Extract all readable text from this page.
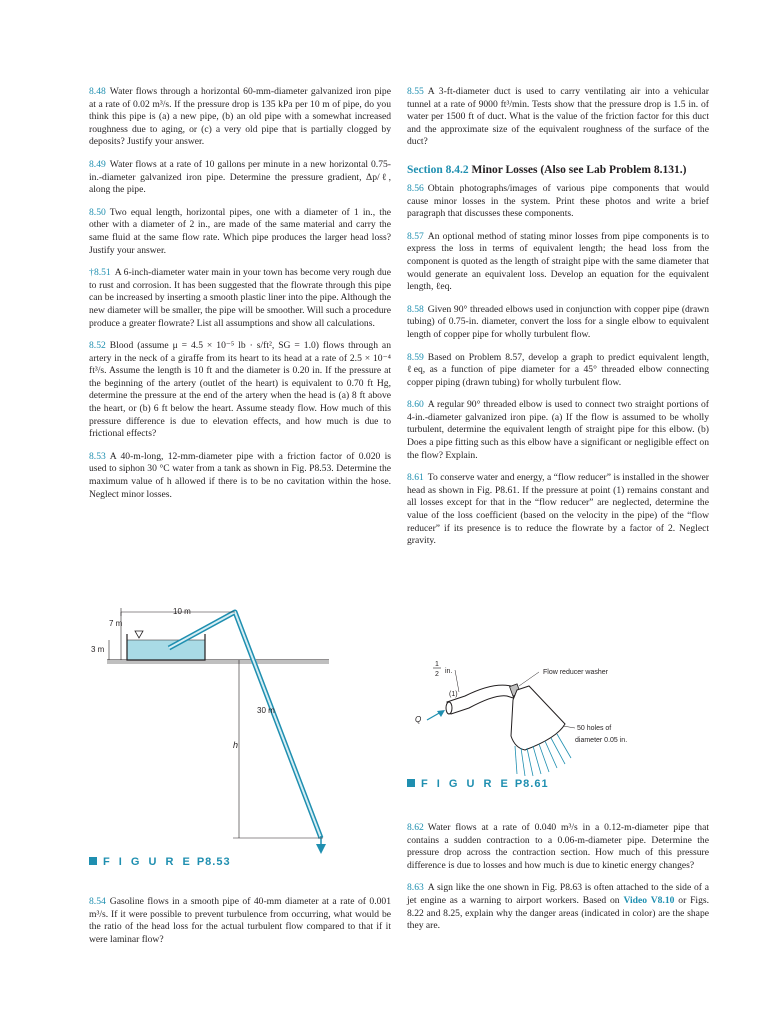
8.48 Water flows through a horizontal 60-mm-diameter galvanized iron pipe at a rate of 0.02 m³/s. If the pressure drop is 135 kPa per 10 m of pipe, do you think this pipe is (a) a new pipe, (b) an old pipe with a somewhat increased roughness due to aging, or (c) a very old pipe that is partially clogged by deposits? Justify your answer.

8.49 Water flows at a rate of 10 gallons per minute in a new horizontal 0.75-in.-diameter galvanized iron pipe. Determine the pressure gradient, Δp/ℓ, along the pipe.

8.50 Two equal length, horizontal pipes, one with a diameter of 1 in., the other with a diameter of 2 in., are made of the same material and carry the same fluid at the same flow rate. Which pipe produces the larger head loss? Justify your answer.

†8.51 A 6-inch-diameter water main in your town has become very rough due to rust and corrosion. It has been suggested that the flowrate through this pipe can be increased by inserting a smooth plastic liner into the pipe. Although the new diameter will be smaller, the pipe will be smoother. Will such a procedure produce a greater flowrate? List all assumptions and show all calculations.

8.52 Blood (assume μ = 4.5 × 10⁻⁵ lb · s/ft², SG = 1.0) flows through an artery in the neck of a giraffe from its heart to its head at a rate of 2.5 × 10⁻⁴ ft³/s. Assume the length is 10 ft and the diameter is 0.20 in. If the pressure at the beginning of the artery (outlet of the heart) is equivalent to 0.70 ft Hg, determine the pressure at the end of the artery when the head is (a) 8 ft above the heart, or (b) 6 ft below the heart. Assume steady flow. How much of this pressure difference is due to elevation effects, and how much is due to frictional effects?

8.53 A 40-m-long, 12-mm-diameter pipe with a friction factor of 0.020 is used to siphon 30 °C water from a tank as shown in Fig. P8.53. Determine the maximum value of h allowed if there is to be no cavitation within the hose. Neglect minor losses.

10 m
7 m
3 m
30 m
h
F I G U R E P8.53

8.54 Gasoline flows in a smooth pipe of 40-mm diameter at a rate of 0.001 m³/s. If it were possible to prevent turbulence from occurring, what would be the ratio of the head loss for the actual turbulent flow compared to that if it were laminar flow?

8.55 A 3-ft-diameter duct is used to carry ventilating air into a vehicular tunnel at a rate of 9000 ft³/min. Tests show that the pressure drop is 1.5 in. of water per 1500 ft of duct. What is the value of the friction factor for this duct and the approximate size of the equivalent roughness of the surface of the duct?

Section 8.4.2 Minor Losses (Also see Lab Problem 8.131.)

8.56 Obtain photographs/images of various pipe components that would cause minor losses in the system. Print these photos and write a brief paragraph that discusses these components.

8.57 An optional method of stating minor losses from pipe components is to express the loss in terms of equivalent length; the head loss from the component is quoted as the length of straight pipe with the same diameter that would generate an equivalent loss. Develop an equation for the equivalent length, ℓeq.

8.58 Given 90° threaded elbows used in conjunction with copper pipe (drawn tubing) of 0.75-in. diameter, convert the loss for a single elbow to equivalent length of copper pipe for wholly turbulent flow.

8.59 Based on Problem 8.57, develop a graph to predict equivalent length, ℓeq, as a function of pipe diameter for a 45° threaded elbow connecting copper piping (drawn tubing) for wholly turbulent flow.

8.60 A regular 90° threaded elbow is used to connect two straight portions of 4-in.-diameter galvanized iron pipe. (a) If the flow is assumed to be wholly turbulent, determine the equivalent length of straight pipe for this elbow. (b) Does a pipe fitting such as this elbow have a significant or negligible effect on the flow? Explain.

8.61 To conserve water and energy, a “flow reducer” is installed in the shower head as shown in Fig. P8.61. If the pressure at point (1) remains constant and all losses except for that in the “flow reducer” are neglected, determine the value of the loss coefficient (based on the velocity in the pipe) of the “flow reducer” if its presence is to reduce the flowrate by a factor of 2. Neglect gravity.

1
2 in.
Q
(1)
Flow reducer washer
50 holes of
diameter 0.05 in.
F I G U R E P8.61

8.62 Water flows at a rate of 0.040 m³/s in a 0.12-m-diameter pipe that contains a sudden contraction to a 0.06-m-diameter pipe. Determine the pressure drop across the contraction section. How much of this pressure difference is due to losses and how much is due to kinetic energy changes?

8.63 A sign like the one shown in Fig. P8.63 is often attached to the side of a jet engine as a warning to airport workers. Based on Video V8.10 or Figs. 8.22 and 8.25, explain why the danger areas (indicated in color) are the shape they are.
